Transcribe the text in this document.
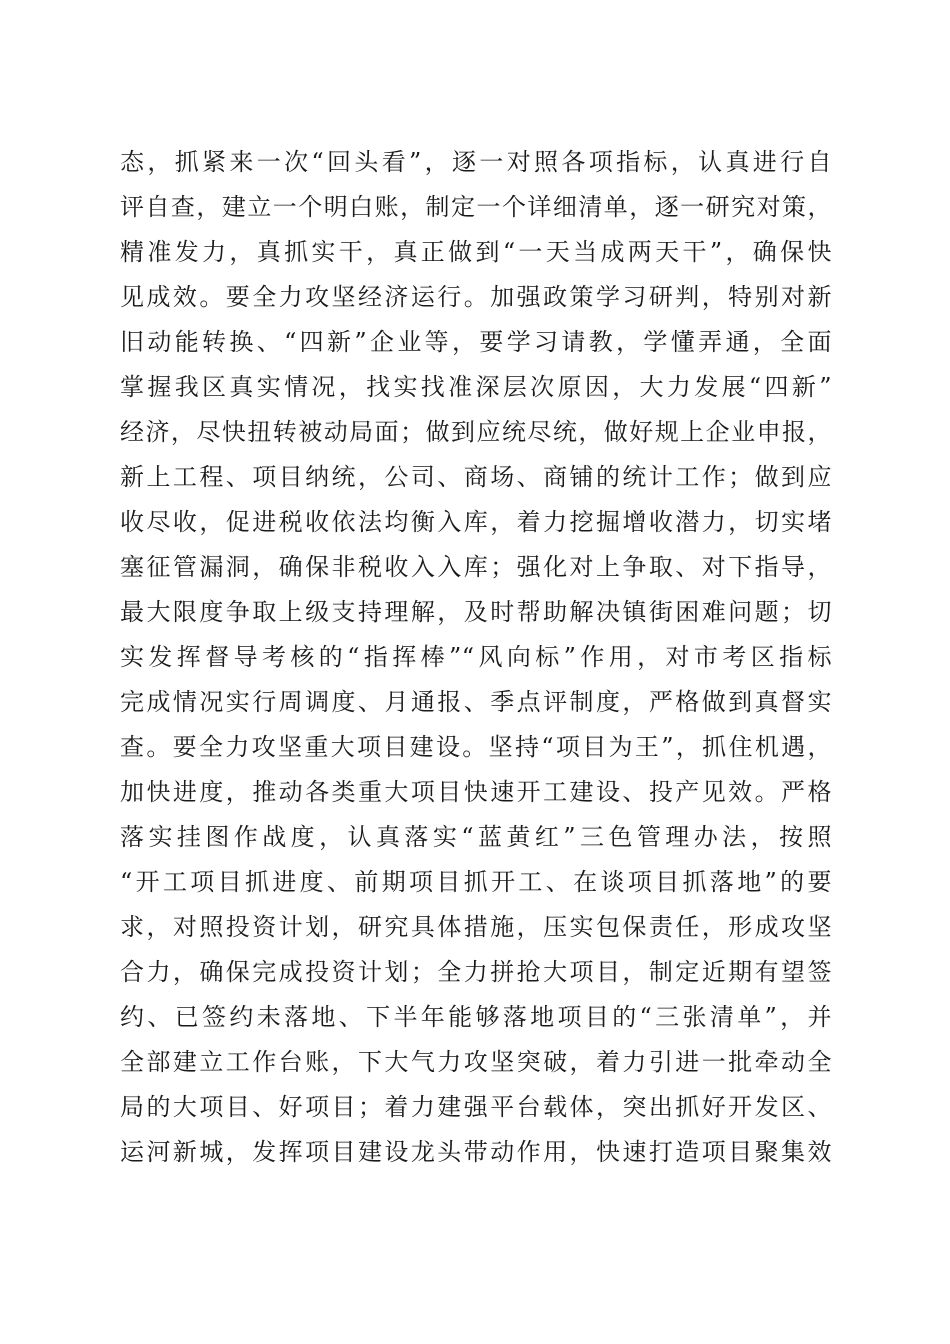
态，抓紧来一次“回头看”，逐一对照各项指标，认真进行自
评自查，建立一个明白账，制定一个详细清单，逐一研究对策，
精准发力，真抓实干，真正做到“一天当成两天干”，确保快
见成效。要全力攻坚经济运行。加强政策学习研判，特别对新
旧动能转换、“四新”企业等，要学习请教，学懂弄通，全面
掌握我区真实情况，找实找准深层次原因，大力发展“四新”
经济，尽快扭转被动局面；做到应统尽统，做好规上企业申报，
新上工程、项目纳统，公司、商场、商铺的统计工作；做到应
收尽收，促进税收依法均衡入库，着力挖掘增收潜力，切实堵
塞征管漏洞，确保非税收入入库；强化对上争取、对下指导，
最大限度争取上级支持理解，及时帮助解决镇街困难问题；切
实发挥督导考核的“指挥棒”“风向标”作用，对市考区指标
完成情况实行周调度、月通报、季点评制度，严格做到真督实
查。要全力攻坚重大项目建设。坚持“项目为王”，抓住机遇，
加快进度，推动各类重大项目快速开工建设、投产见效。严格
落实挂图作战度，认真落实“蓝黄红”三色管理办法，按照
“开工项目抓进度、前期项目抓开工、在谈项目抓落地”的要
求，对照投资计划，研究具体措施，压实包保责任，形成攻坚
合力，确保完成投资计划；全力拼抢大项目，制定近期有望签
约、已签约未落地、下半年能够落地项目的“三张清单”，并
全部建立工作台账，下大气力攻坚突破，着力引进一批牵动全
局的大项目、好项目；着力建强平台载体，突出抓好开发区、
运河新城，发挥项目建设龙头带动作用，快速打造项目聚集效
